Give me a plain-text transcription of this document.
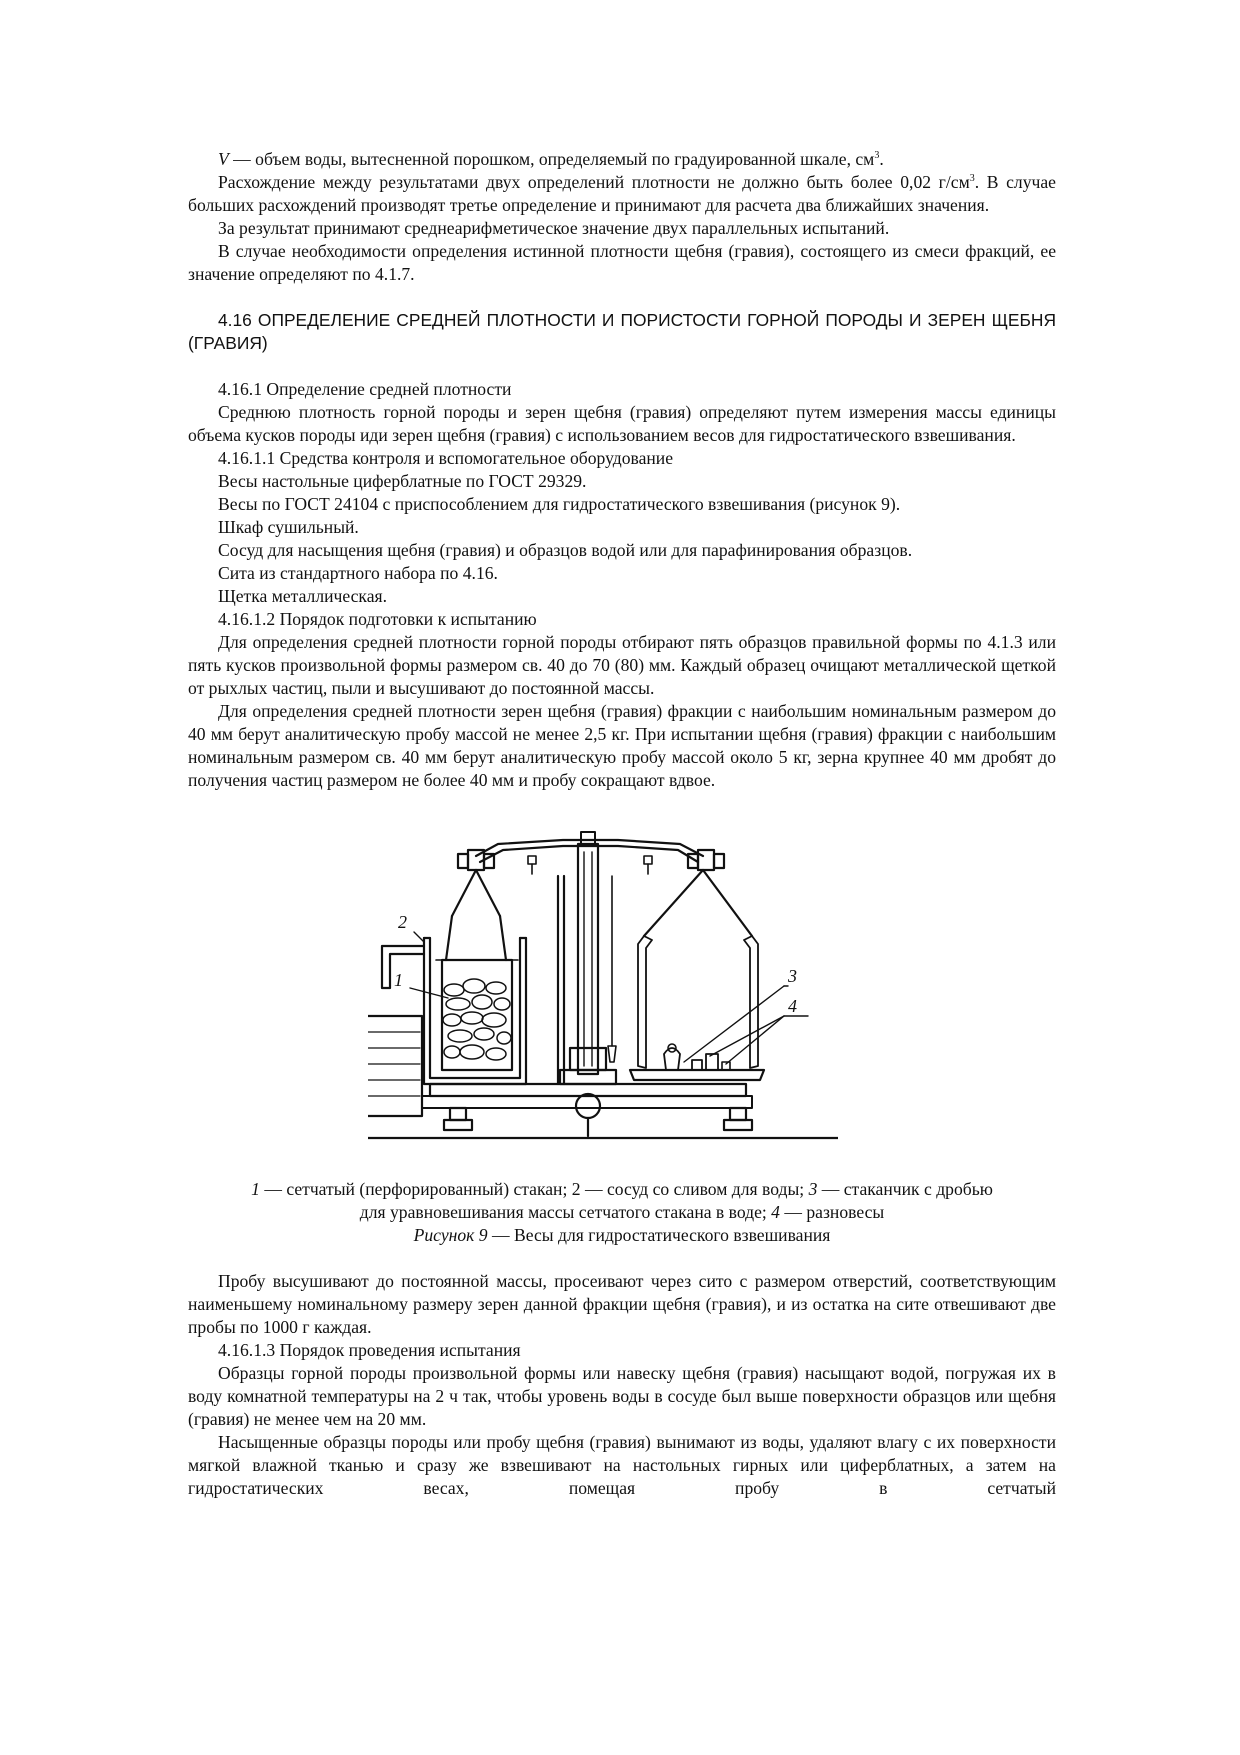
V — объем воды, вытесненной порошком, определяемый по градуированной шкале, $см^3$.

Расхождение между результатами двух определений плотности не должно быть более 0,02 $г/см^3$. В случае больших расхождений производят третье определение и принимают для расчета два ближайших значения.

За результат принимают среднеарифметическое значение двух параллельных испытаний.

В случае необходимости определения истинной плотности щебня (гравия), состоящего из смеси фракций, ее значение определяют по 4.1.7.

4.16 ОПРЕДЕЛЕНИЕ СРЕДНЕЙ ПЛОТНОСТИ И ПОРИСТОСТИ ГОРНОЙ ПОРОДЫ И ЗЕРЕН ЩЕБНЯ (ГРАВИЯ)

4.16.1 Определение средней плотности

Среднюю плотность горной породы и зерен щебня (гравия) определяют путем измерения массы единицы объема кусков породы иди зерен щебня (гравия) с использованием весов для гидростатического взвешивания.

4.16.1.1 Средства контроля и вспомогательное оборудование

Весы настольные циферблатные по ГОСТ 29329.

Весы по ГОСТ 24104 с приспособлением для гидростатического взвешивания (рисунок 9).

Шкаф сушильный.

Сосуд для насыщения щебня (гравия) и образцов водой или для парафинирования образцов.

Сита из стандартного набора по 4.16.

Щетка металлическая.

4.16.1.2 Порядок подготовки к испытанию

Для определения средней плотности горной породы отбирают пять образцов правильной формы по 4.1.3 или пять кусков произвольной формы размером св. 40 до 70 (80) мм. Каждый образец очищают металлической щеткой от рыхлых частиц, пыли и высушивают до постоянной массы.

Для определения средней плотности зерен щебня (гравия) фракции с наибольшим номинальным размером до 40 мм берут аналитическую пробу массой не менее 2,5 кг. При испытании щебня (гравия) фракции с наибольшим номинальным размером св. 40 мм берут аналитическую пробу массой около 5 кг, зерна крупнее 40 мм дробят до получения частиц размером не более 40 мм и пробу сокращают вдвое.

2
1	3
4

1 — сетчатый (перфорированный) стакан; 2 — сосуд со сливом для воды; 3 — стаканчик с дробью для уравновешивания массы сетчатого стакана в воде; 4 — разновесы

Рисунок 9 — Весы для гидростатического взвешивания

Пробу высушивают до постоянной массы, просеивают через сито с размером отверстий, соответствующим наименьшему номинальному размеру зерен данной фракции щебня (гравия), и из остатка на сите отвешивают две пробы по 1000 г каждая.

4.16.1.3 Порядок проведения испытания

Образцы горной породы произвольной формы или навеску щебня (гравия) насыщают водой, погружая их в воду комнатной температуры на 2 ч так, чтобы уровень воды в сосуде был выше поверхности образцов или щебня (гравия) не менее чем на 20 мм.

Насыщенные образцы породы или пробу щебня (гравия) вынимают из воды, удаляют влагу с их поверхности мягкой влажной тканью и сразу же взвешивают на настольных гирных или циферблатных, а затем на гидростатических весах, помещая пробу в сетчатый
